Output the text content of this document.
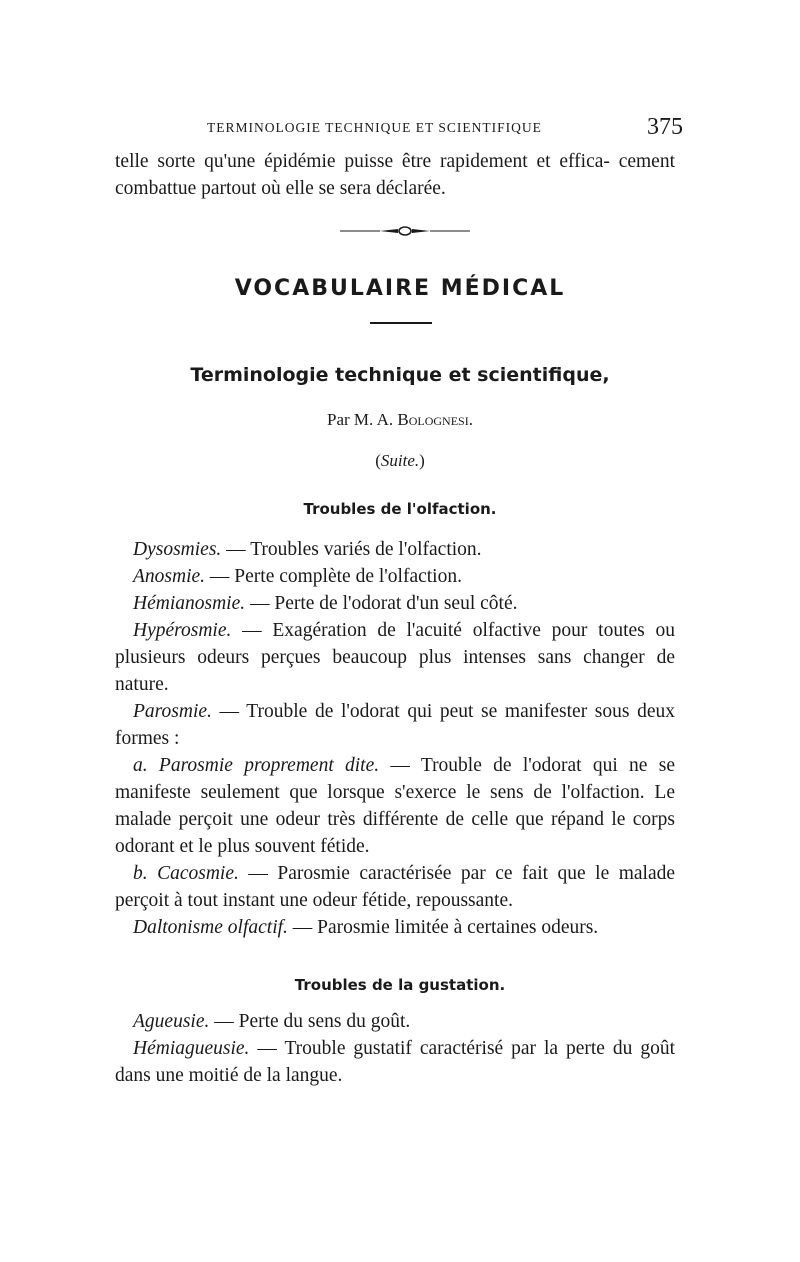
TERMINOLOGIE TECHNIQUE ET SCIENTIFIQUE	375

telle sorte qu'une épidémie puisse être rapidement et effica- cement combattue partout où elle se sera déclarée.

VOCABULAIRE MÉDICAL
Terminologie technique et scientifique,
Par M. A. Bolognesi.
(Suite.)
Troubles de l'olfaction.

Dysosmies. — Troubles variés de l'olfaction.

Anosmie. — Perte complète de l'olfaction.

Hémianosmie. — Perte de l'odorat d'un seul côté.

Hypérosmie. — Exagération de l'acuité olfactive pour toutes ou plusieurs odeurs perçues beaucoup plus intenses sans changer de nature.

Parosmie. — Trouble de l'odorat qui peut se manifester sous deux formes :

a. Parosmie proprement dite. — Trouble de l'odorat qui ne se manifeste seulement que lorsque s'exerce le sens de l'olfaction. Le malade perçoit une odeur très différente de celle que répand le corps odorant et le plus souvent fétide.

b. Cacosmie. — Parosmie caractérisée par ce fait que le malade perçoit à tout instant une odeur fétide, repoussante.

Daltonisme olfactif. — Parosmie limitée à certaines odeurs.

Troubles de la gustation.

Agueusie. — Perte du sens du goût.

Hémiagueusie. — Trouble gustatif caractérisé par la perte du goût dans une moitié de la langue.
